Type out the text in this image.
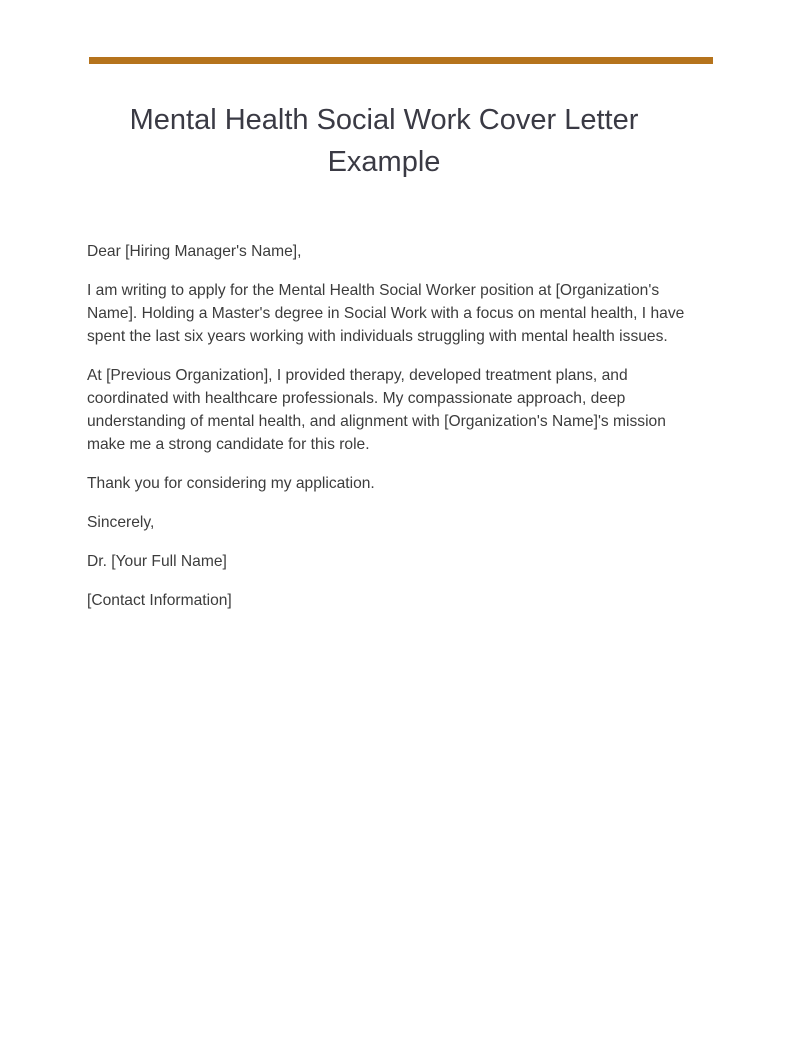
Mental Health Social Work Cover Letter Example

Dear [Hiring Manager's Name],

I am writing to apply for the Mental Health Social Worker position at [Organization's Name]. Holding a Master's degree in Social Work with a focus on mental health, I have spent the last six years working with individuals struggling with mental health issues.

At [Previous Organization], I provided therapy, developed treatment plans, and coordinated with healthcare professionals. My compassionate approach, deep understanding of mental health, and alignment with [Organization's Name]'s mission make me a strong candidate for this role.

Thank you for considering my application.

Sincerely,

Dr. [Your Full Name]

[Contact Information]
